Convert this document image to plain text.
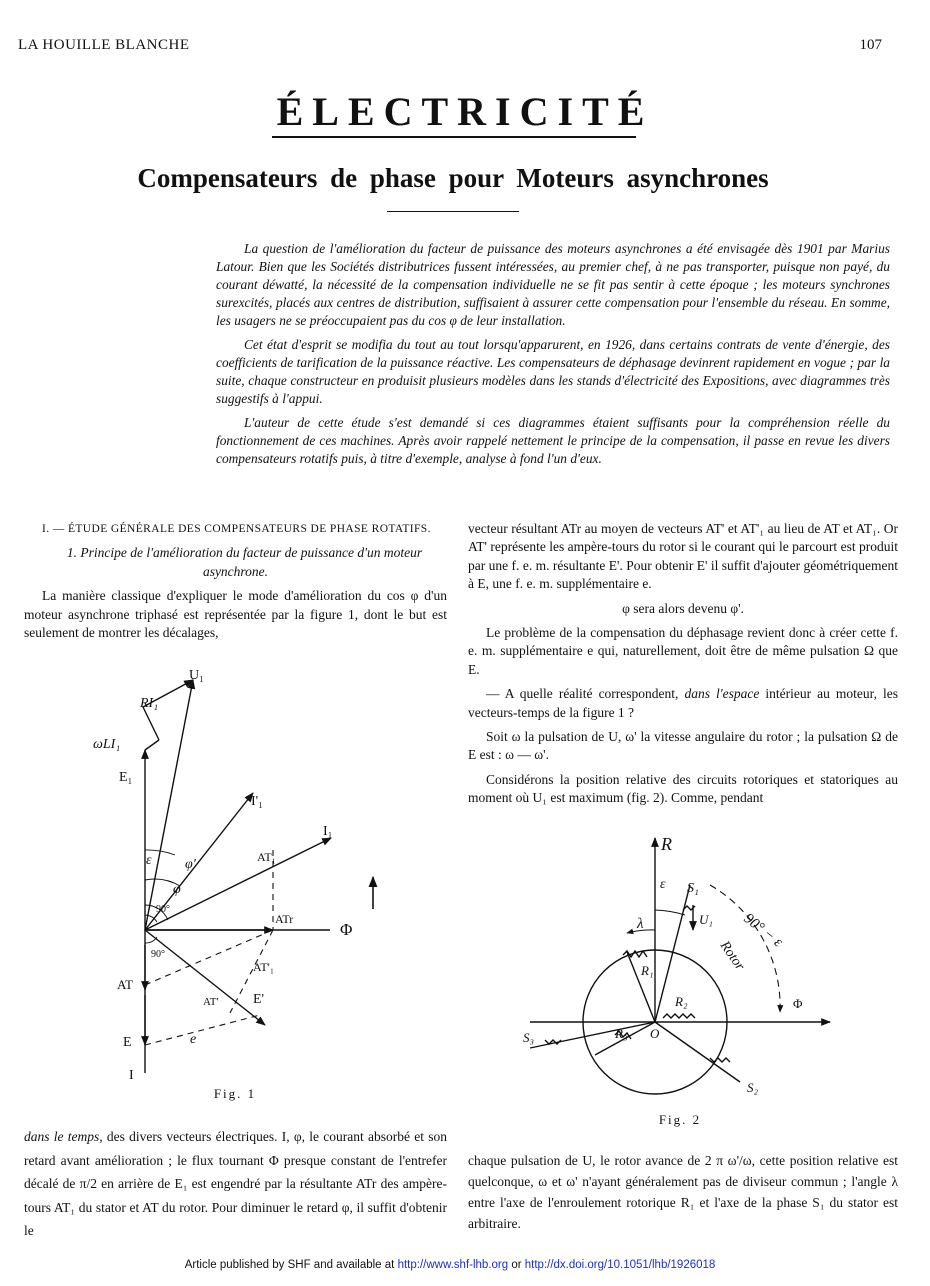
LA HOUILLE BLANCHE	107
ÉLECTRICITÉ
Compensateurs de phase pour Moteurs asynchrones

La question de l'amélioration du facteur de puissance des moteurs asynchrones a été envisagée dès 1901 par Marius Latour. Bien que les Sociétés distributrices fussent intéressées, au premier chef, à ne pas transporter, puisque non payé, du courant déwatté, la nécessité de la compensation individuelle ne se fit pas sentir à cette époque ; les moteurs synchrones surexcités, placés aux centres de distribution, suffisaient à assurer cette compensation pour l'ensemble du réseau. En somme, les usagers ne se préoccupaient pas du cos φ de leur installation.

Cet état d'esprit se modifia du tout au tout lorsqu'apparurent, en 1926, dans certains contrats de vente d'énergie, des coefficients de tarification de la puissance réactive. Les compensateurs de déphasage devinrent rapidement en vogue ; par la suite, chaque constructeur en produisit plusieurs modèles dans les stands d'électricité des Expositions, avec diagrammes très suggestifs à l'appui.

L'auteur de cette étude s'est demandé si ces diagrammes étaient suffisants pour la compréhension réelle du fonctionnement de ces machines. Après avoir rappelé nettement le principe de la compensation, il passe en revue les divers compensateurs rotatifs puis, à titre d'exemple, analyse à fond l'un d'eux.

I. — ÉTUDE GÉNÉRALE DES COMPENSATEURS DE PHASE ROTATIFS.

1. Principe de l'amélioration du facteur de puissance d'un moteur asynchrone.

La manière classique d'expliquer le mode d'amélioration du cos φ d'un moteur asynchrone triphasé est représentée par la figure 1, dont le but est seulement de montrer les décalages,

U₁
RI₁
ωLI₁
E₁
I'₁
I₁
φ'
ε
φ
AT₁
90°
ATr
Φ
90°
AT'₁
AT
AT' E'
e
E
I
Fig. 1

dans le temps, des divers vecteurs électriques. I, φ, le courant absorbé et son retard avant amélioration ; le flux tournant Φ presque constant de l'entrefer décalé de π/2 en arrière de E₁ est engendré par la résultante ATr des ampère-tours AT₁ du stator et AT du rotor. Pour diminuer le retard φ, il suffit d'obtenir le

vecteur résultant ATr au moyen de vecteurs AT' et AT'₁ au lieu de AT et AT₁. Or AT' représente les ampère-tours du rotor si le courant qui le parcourt est produit par une f. e. m. résultante E'. Pour obtenir E' il suffit d'ajouter géométriquement à E, une f. e. m. supplémentaire e.

φ sera alors devenu φ'.

Le problème de la compensation du déphasage revient donc à créer cette f. e. m. supplémentaire e qui, naturellement, doit être de même pulsation Ω que E.

— A quelle réalité correspondent, dans l'espace intérieur au moteur, les vecteurs-temps de la figure 1 ?

Soit ω la pulsation de U, ω' la vitesse angulaire du rotor ; la pulsation Ω de E est : ω — ω'.

Considérons la position relative des circuits rotoriques et statoriques au moment où U₁ est maximum (fig. 2). Comme, pendant

R
ε S₁
U₁ 90° − ε
Rotor
λ
R₁
R₂
R₃ O
Φ
S₃
S₂
Fig. 2

chaque pulsation de U, le rotor avance de 2 π ω'/ω, cette position relative est quelconque, ω et ω' n'ayant généralement pas de diviseur commun ; l'angle λ entre l'axe de l'enroulement rotorique R₁ et l'axe de la phase S₁ du stator est arbitraire.

Article published by SHF and available at http://www.shf-lhb.org or http://dx.doi.org/10.1051/lhb/1926018
